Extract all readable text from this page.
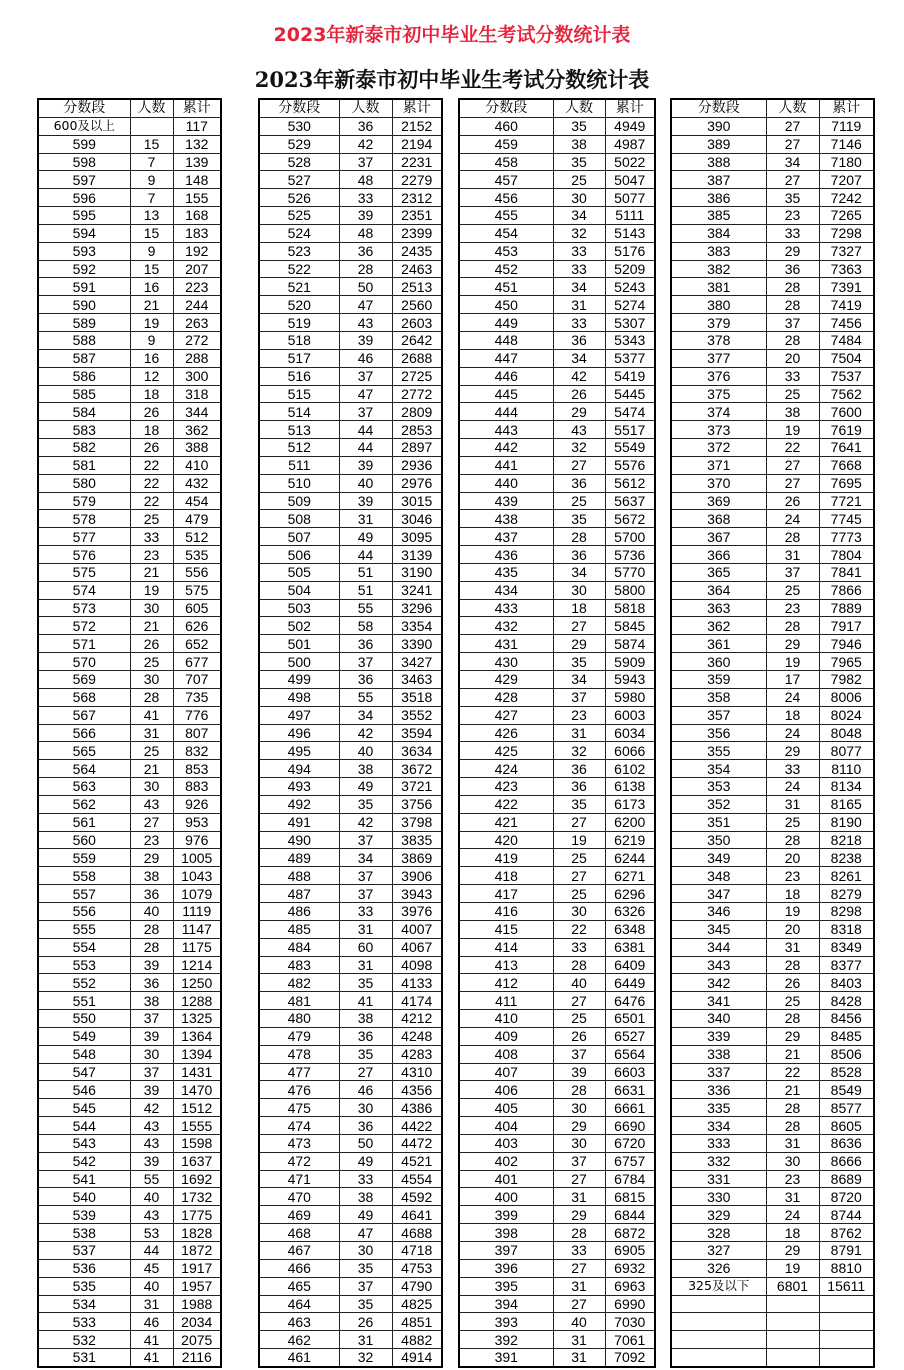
2023年新泰市初中毕业生考试分数统计表
2023年新泰市初中毕业生考试分数统计表
分数段	人数	累计
600及以上		117
599	15	132
598	7	139
597	9	148
596	7	155
595	13	168
594	15	183
593	9	192
592	15	207
591	16	223
590	21	244
589	19	263
588	9	272
587	16	288
586	12	300
585	18	318
584	26	344
583	18	362
582	26	388
581	22	410
580	22	432
579	22	454
578	25	479
577	33	512
576	23	535
575	21	556
574	19	575
573	30	605
572	21	626
571	26	652
570	25	677
569	30	707
568	28	735
567	41	776
566	31	807
565	25	832
564	21	853
563	30	883
562	43	926
561	27	953
560	23	976
559	29	1005
558	38	1043
557	36	1079
556	40	1119
555	28	1147
554	28	1175
553	39	1214
552	36	1250
551	38	1288
550	37	1325
549	39	1364
548	30	1394
547	37	1431
546	39	1470
545	42	1512
544	43	1555
543	43	1598
542	39	1637
541	55	1692
540	40	1732
539	43	1775
538	53	1828
537	44	1872
536	45	1917
535	40	1957
534	31	1988
533	46	2034
532	41	2075
531	41	2116
分数段	人数	累计
530	36	2152
529	42	2194
528	37	2231
527	48	2279
526	33	2312
525	39	2351
524	48	2399
523	36	2435
522	28	2463
521	50	2513
520	47	2560
519	43	2603
518	39	2642
517	46	2688
516	37	2725
515	47	2772
514	37	2809
513	44	2853
512	44	2897
511	39	2936
510	40	2976
509	39	3015
508	31	3046
507	49	3095
506	44	3139
505	51	3190
504	51	3241
503	55	3296
502	58	3354
501	36	3390
500	37	3427
499	36	3463
498	55	3518
497	34	3552
496	42	3594
495	40	3634
494	38	3672
493	49	3721
492	35	3756
491	42	3798
490	37	3835
489	34	3869
488	37	3906
487	37	3943
486	33	3976
485	31	4007
484	60	4067
483	31	4098
482	35	4133
481	41	4174
480	38	4212
479	36	4248
478	35	4283
477	27	4310
476	46	4356
475	30	4386
474	36	4422
473	50	4472
472	49	4521
471	33	4554
470	38	4592
469	49	4641
468	47	4688
467	30	4718
466	35	4753
465	37	4790
464	35	4825
463	26	4851
462	31	4882
461	32	4914
分数段	人数	累计
460	35	4949
459	38	4987
458	35	5022
457	25	5047
456	30	5077
455	34	5111
454	32	5143
453	33	5176
452	33	5209
451	34	5243
450	31	5274
449	33	5307
448	36	5343
447	34	5377
446	42	5419
445	26	5445
444	29	5474
443	43	5517
442	32	5549
441	27	5576
440	36	5612
439	25	5637
438	35	5672
437	28	5700
436	36	5736
435	34	5770
434	30	5800
433	18	5818
432	27	5845
431	29	5874
430	35	5909
429	34	5943
428	37	5980
427	23	6003
426	31	6034
425	32	6066
424	36	6102
423	36	6138
422	35	6173
421	27	6200
420	19	6219
419	25	6244
418	27	6271
417	25	6296
416	30	6326
415	22	6348
414	33	6381
413	28	6409
412	40	6449
411	27	6476
410	25	6501
409	26	6527
408	37	6564
407	39	6603
406	28	6631
405	30	6661
404	29	6690
403	30	6720
402	37	6757
401	27	6784
400	31	6815
399	29	6844
398	28	6872
397	33	6905
396	27	6932
395	31	6963
394	27	6990
393	40	7030
392	31	7061
391	31	7092
分数段	人数	累计
390	27	7119
389	27	7146
388	34	7180
387	27	7207
386	35	7242
385	23	7265
384	33	7298
383	29	7327
382	36	7363
381	28	7391
380	28	7419
379	37	7456
378	28	7484
377	20	7504
376	33	7537
375	25	7562
374	38	7600
373	19	7619
372	22	7641
371	27	7668
370	27	7695
369	26	7721
368	24	7745
367	28	7773
366	31	7804
365	37	7841
364	25	7866
363	23	7889
362	28	7917
361	29	7946
360	19	7965
359	17	7982
358	24	8006
357	18	8024
356	24	8048
355	29	8077
354	33	8110
353	24	8134
352	31	8165
351	25	8190
350	28	8218
349	20	8238
348	23	8261
347	18	8279
346	19	8298
345	20	8318
344	31	8349
343	28	8377
342	26	8403
341	25	8428
340	28	8456
339	29	8485
338	21	8506
337	22	8528
336	21	8549
335	28	8577
334	28	8605
333	31	8636
332	30	8666
331	23	8689
330	31	8720
329	24	8744
328	18	8762
327	29	8791
326	19	8810
325及以下	6801	15611
